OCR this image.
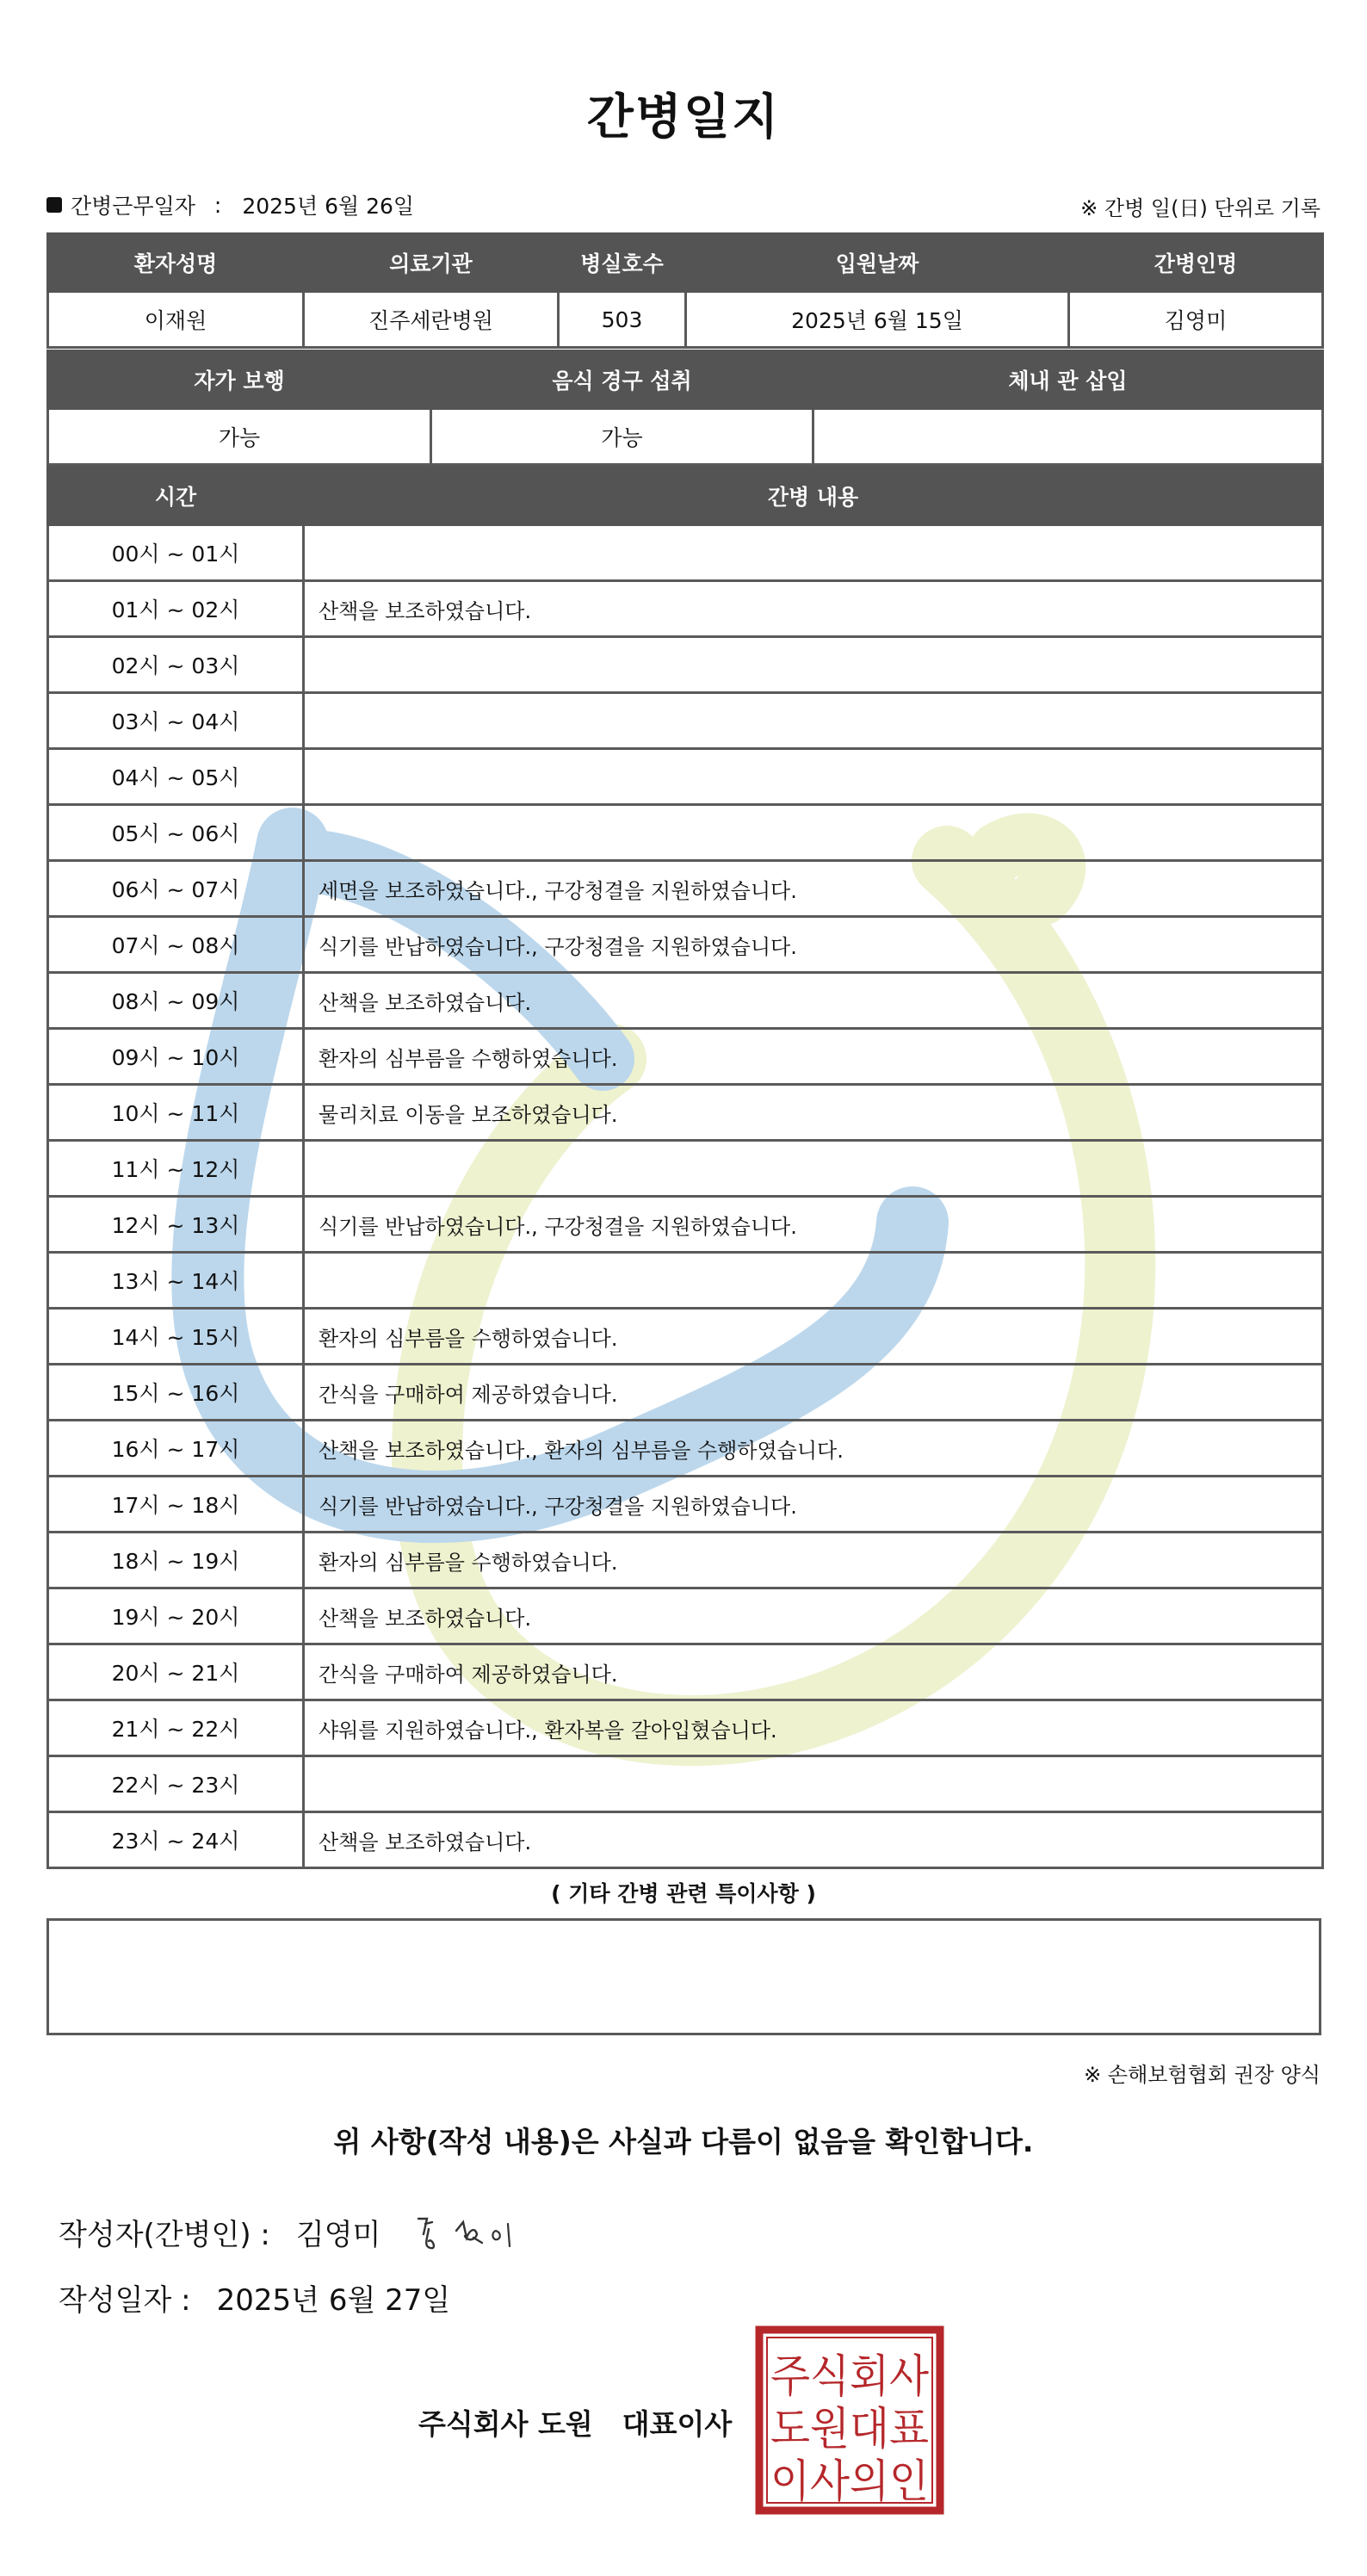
간병일지
간병근무일자 : 2025년 6월 26일	※ 간병 일(日) 단위로 기록
환자성명	의료기관	병실호수	입원날짜	간병인명
이재원	진주세란병원	503	2025년 6월 15일	김영미
자가 보행	음식 경구 섭취	체내 관 삽입
가능	가능	
시간	간병 내용
00시 ~ 01시	
01시 ~ 02시	산책을 보조하였습니다.
02시 ~ 03시	
03시 ~ 04시	
04시 ~ 05시	
05시 ~ 06시	
06시 ~ 07시	세면을 보조하였습니다., 구강청결을 지원하였습니다.
07시 ~ 08시	식기를 반납하였습니다., 구강청결을 지원하였습니다.
08시 ~ 09시	산책을 보조하였습니다.
09시 ~ 10시	환자의 심부름을 수행하였습니다.
10시 ~ 11시	물리치료 이동을 보조하였습니다.
11시 ~ 12시	
12시 ~ 13시	식기를 반납하였습니다., 구강청결을 지원하였습니다.
13시 ~ 14시	
14시 ~ 15시	환자의 심부름을 수행하였습니다.
15시 ~ 16시	간식을 구매하여 제공하였습니다.
16시 ~ 17시	산책을 보조하였습니다., 환자의 심부름을 수행하였습니다.
17시 ~ 18시	식기를 반납하였습니다., 구강청결을 지원하였습니다.
18시 ~ 19시	환자의 심부름을 수행하였습니다.
19시 ~ 20시	산책을 보조하였습니다.
20시 ~ 21시	간식을 구매하여 제공하였습니다.
21시 ~ 22시	샤워를 지원하였습니다., 환자복을 갈아입혔습니다.
22시 ~ 23시	
23시 ~ 24시	산책을 보조하였습니다.
( 기타 간병 관련 특이사항 )
※ 손해보험협회 권장 양식
위 사항(작성 내용)은 사실과 다름이 없음을 확인합니다.
작성자(간병인) : 김영미
작성일자 : 2025년 6월 27일
주식회사 도원 대표이사
주식회사
도원대표
이사의인
